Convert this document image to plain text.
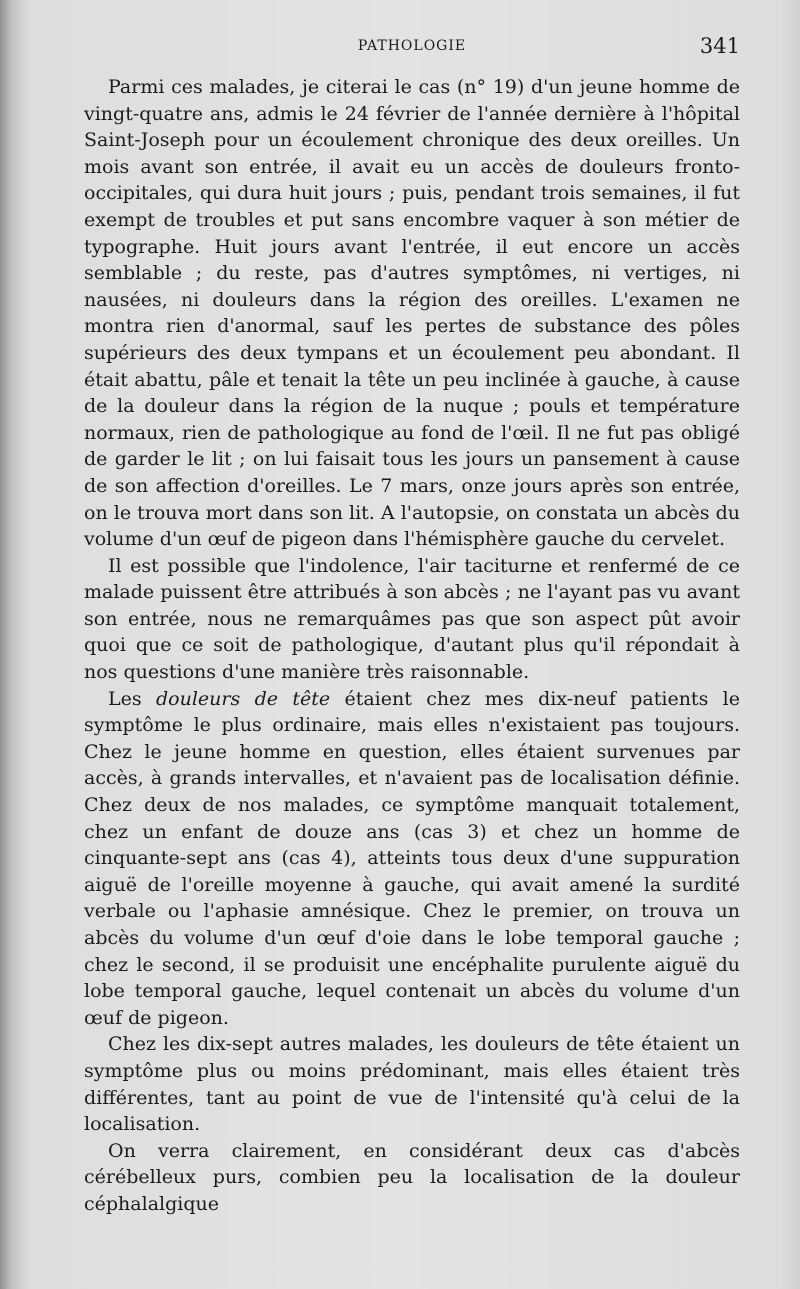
PATHOLOGIE	341

Parmi ces malades, je citerai le cas (n° 19) d'un jeune homme de vingt-quatre ans, admis le 24 février de l'année dernière à l'hôpital Saint-Joseph pour un écoulement chronique des deux oreilles. Un mois avant son entrée, il avait eu un accès de douleurs fronto-occipitales, qui dura huit jours ; puis, pendant trois semaines, il fut exempt de troubles et put sans encombre vaquer à son métier de typographe. Huit jours avant l'entrée, il eut encore un accès semblable ; du reste, pas d'autres symptômes, ni vertiges, ni nausées, ni douleurs dans la région des oreilles. L'examen ne montra rien d'anormal, sauf les pertes de substance des pôles supérieurs des deux tympans et un écoulement peu abondant. Il était abattu, pâle et tenait la tête un peu inclinée à gauche, à cause de la douleur dans la région de la nuque ; pouls et température normaux, rien de pathologique au fond de l'œil. Il ne fut pas obligé de garder le lit ; on lui faisait tous les jours un pansement à cause de son affection d'oreilles. Le 7 mars, onze jours après son entrée, on le trouva mort dans son lit. A l'autopsie, on constata un abcès du volume d'un œuf de pigeon dans l'hémisphère gauche du cervelet.

Il est possible que l'indolence, l'air taciturne et renfermé de ce malade puissent être attribués à son abcès ; ne l'ayant pas vu avant son entrée, nous ne remarquâmes pas que son aspect pût avoir quoi que ce soit de pathologique, d'autant plus qu'il répondait à nos questions d'une manière très raisonnable.

Les douleurs de tête étaient chez mes dix-neuf patients le symptôme le plus ordinaire, mais elles n'existaient pas toujours. Chez le jeune homme en question, elles étaient survenues par accès, à grands intervalles, et n'avaient pas de localisation définie. Chez deux de nos malades, ce symptôme manquait totalement, chez un enfant de douze ans (cas 3) et chez un homme de cinquante-sept ans (cas 4), atteints tous deux d'une suppuration aiguë de l'oreille moyenne à gauche, qui avait amené la surdité verbale ou l'aphasie amnésique. Chez le premier, on trouva un abcès du volume d'un œuf d'oie dans le lobe temporal gauche ; chez le second, il se produisit une encéphalite purulente aiguë du lobe temporal gauche, lequel contenait un abcès du volume d'un œuf de pigeon.

Chez les dix-sept autres malades, les douleurs de tête étaient un symptôme plus ou moins prédominant, mais elles étaient très différentes, tant au point de vue de l'intensité qu'à celui de la localisation.

On verra clairement, en considérant deux cas d'abcès cérébelleux purs, combien peu la localisation de la douleur céphalalgique
